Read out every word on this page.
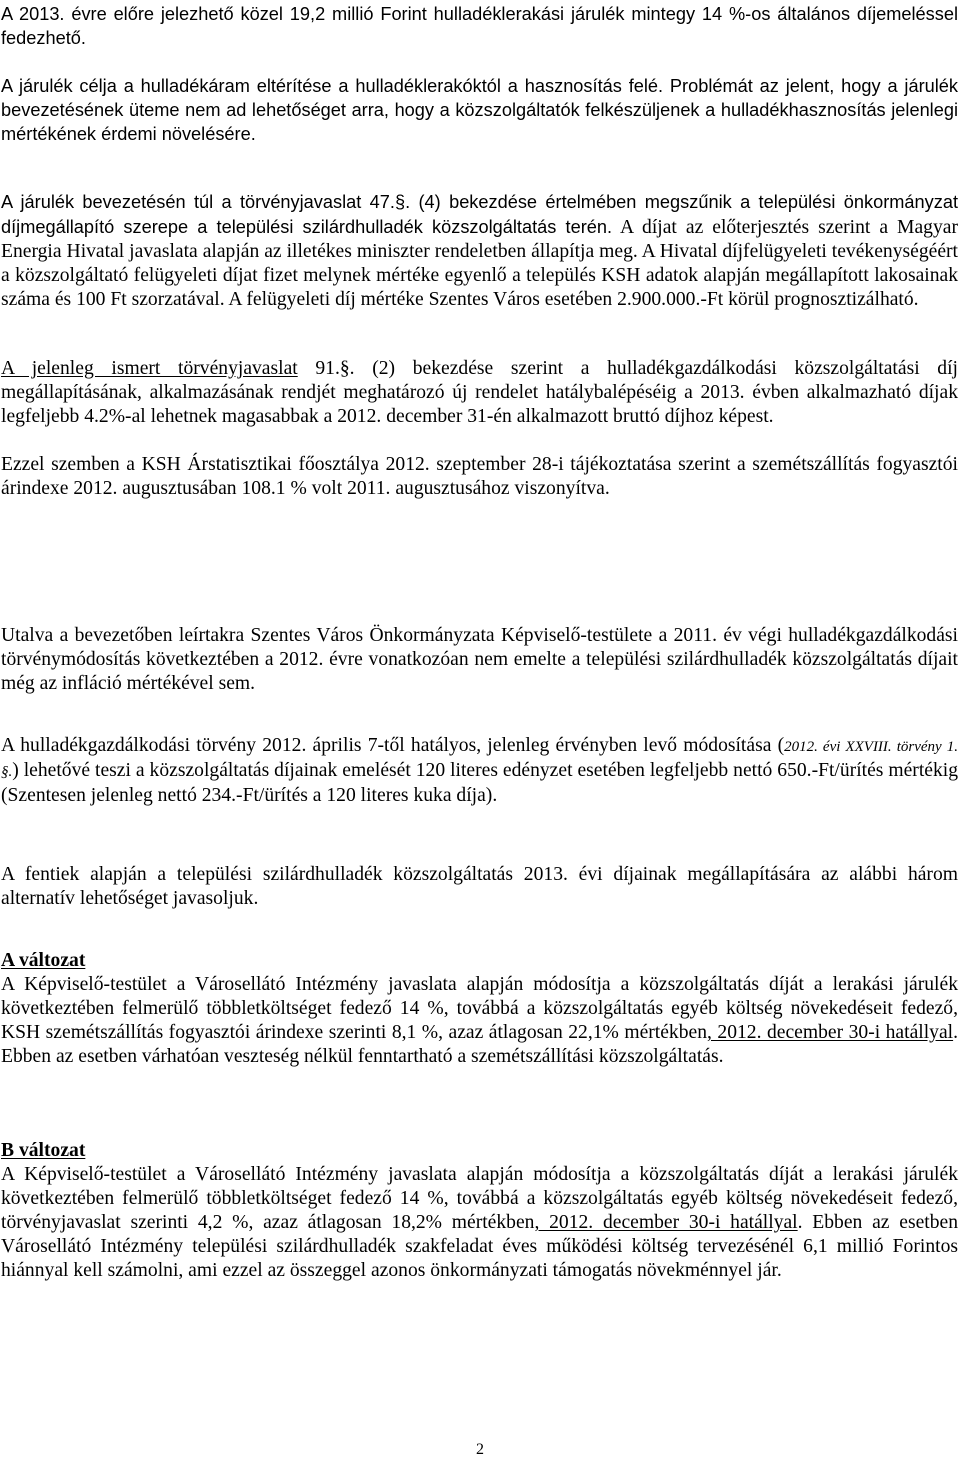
A 2013. évre előre jelezhető közel 19,2 millió Forint hulladéklerakási járulék mintegy 14 %-os általános díjemeléssel fedezhető.

A járulék célja a hulladékáram eltérítése a hulladéklerakóktól a hasznosítás felé. Problémát az jelent, hogy a járulék bevezetésének üteme nem ad lehetőséget arra, hogy a közszolgáltatók felkészüljenek a hulladékhasznosítás jelenlegi mértékének érdemi növelésére.

A járulék bevezetésén túl a törvényjavaslat 47.§. (4) bekezdése értelmében megszűnik a települési önkormányzat díjmegállapító szerepe a települési szilárdhulladék közszolgáltatás terén. A díjat az előterjesztés szerint a Magyar Energia Hivatal javaslata alapján az illetékes miniszter rendeletben állapítja meg. A Hivatal díjfelügyeleti tevékenységéért a közszolgáltató felügyeleti díjat fizet melynek mértéke egyenlő a település KSH adatok alapján megállapított lakosainak száma és 100 Ft szorzatával. A felügyeleti díj mértéke Szentes Város esetében 2.900.000.-Ft körül prognosztizálható.

A jelenleg ismert törvényjavaslat 91.§. (2) bekezdése szerint a hulladékgazdálkodási közszolgáltatási díj megállapításának, alkalmazásának rendjét meghatározó új rendelet hatálybalépéséig a 2013. évben alkalmazható díjak legfeljebb 4.2%-al lehetnek magasabbak a 2012. december 31-én alkalmazott bruttó díjhoz képest.

Ezzel szemben a KSH Árstatisztikai főosztálya 2012. szeptember 28-i tájékoztatása szerint a szemétszállítás fogyasztói árindexe 2012. augusztusában 108.1 % volt 2011. augusztusához viszonyítva.

Utalva a bevezetőben leírtakra Szentes Város Önkormányzata Képviselő-testülete a 2011. év végi hulladékgazdálkodási törvénymódosítás következtében a 2012. évre vonatkozóan nem emelte a települési szilárdhulladék közszolgáltatás díjait még az infláció mértékével sem.

A hulladékgazdálkodási törvény 2012. április 7-től hatályos, jelenleg érvényben levő módosítása (2012. évi XXVIII. törvény 1. §.) lehetővé teszi a közszolgáltatás díjainak emelését 120 literes edényzet esetében legfeljebb nettó 650.-Ft/ürítés mértékig (Szentesen jelenleg nettó 234.-Ft/ürítés a 120 literes kuka díja).

A fentiek alapján a települési szilárdhulladék közszolgáltatás 2013. évi díjainak megállapítására az alábbi három alternatív lehetőséget javasoljuk.

A változat
A Képviselő-testület a Városellátó Intézmény javaslata alapján módosítja a közszolgáltatás díját a lerakási járulék következtében felmerülő többletköltséget fedező 14 %, továbbá a közszolgáltatás egyéb költség növekedéseit fedező, KSH szemétszállítás fogyasztói árindexe szerinti 8,1 %, azaz átlagosan 22,1% mértékben, 2012. december 30-i hatállyal. Ebben az esetben várhatóan veszteség nélkül fenntartható a szemétszállítási közszolgáltatás.

B változat
A Képviselő-testület a Városellátó Intézmény javaslata alapján módosítja a közszolgáltatás díját a lerakási járulék következtében felmerülő többletköltséget fedező 14 %, továbbá a közszolgáltatás egyéb költség növekedéseit fedező, törvényjavaslat szerinti 4,2 %, azaz átlagosan 18,2% mértékben, 2012. december 30-i hatállyal. Ebben az esetben Városellátó Intézmény települési szilárdhulladék szakfeladat éves működési költség tervezésénél 6,1 millió Forintos hiánnyal kell számolni, ami ezzel az összeggel azonos önkormányzati támogatás növekménnyel jár.

2
